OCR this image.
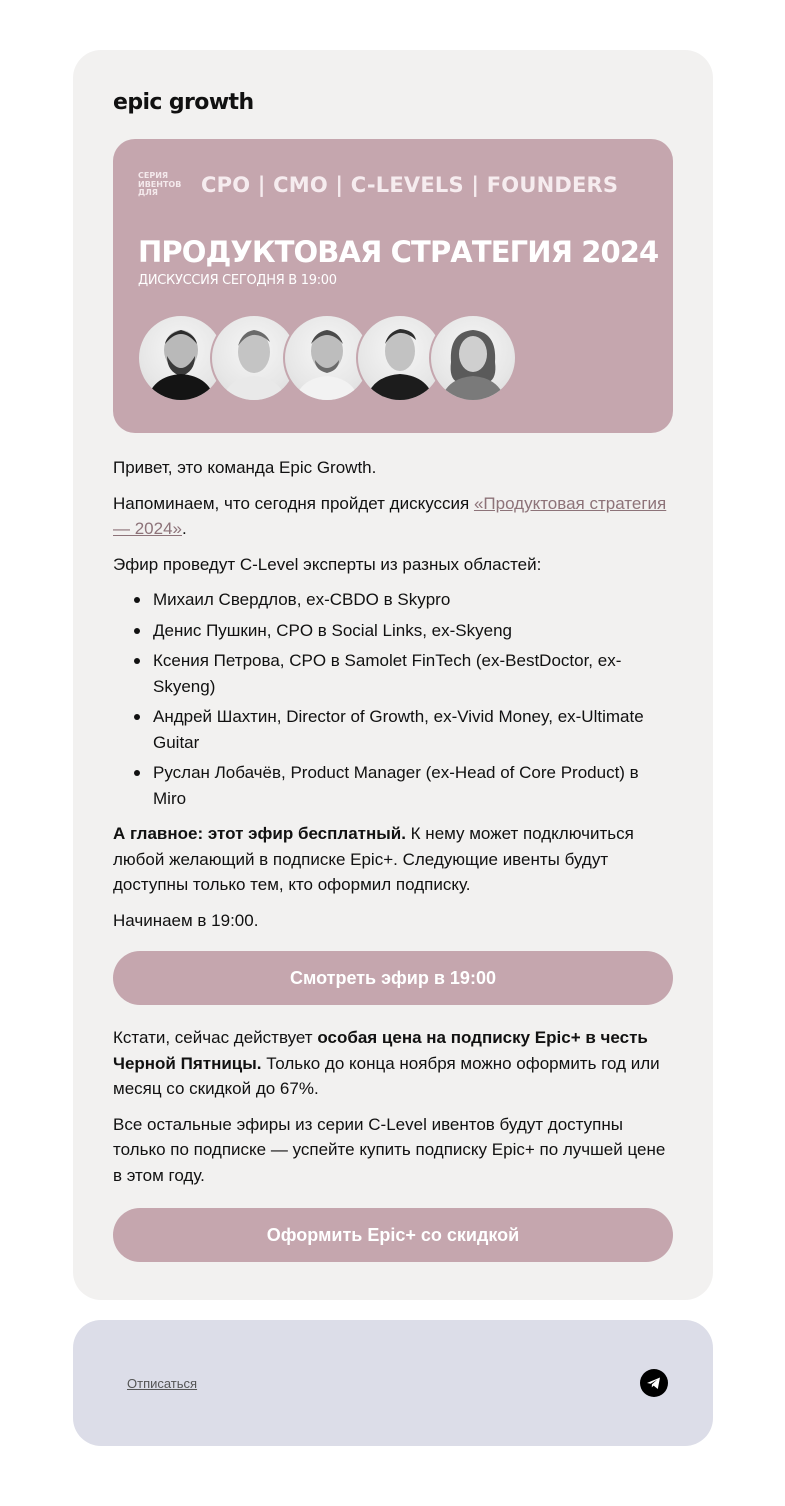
epic growth
СЕРИЯ ИВЕНТОВ ДЛЯ	CPO | CMO | C-LEVELS | FOUNDERS
ПРОДУКТОВАЯ СТРАТЕГИЯ 2024
ДИСКУССИЯ СЕГОДНЯ В 19:00

Привет, это команда Epic Growth.

Напоминаем, что сегодня пройдет дискуссия «Продуктовая стратегия — 2024».

Эфир проведут C-Level эксперты из разных областей:

Михаил Свердлов, ex-CBDO в Skypro
Денис Пушкин, CPO в Social Links, ex-Skyeng
Ксения Петрова, CPO в Samolet FinTech (ex-BestDoctor, ex-Skyeng)
Андрей Шахтин, Director of Growth, ex-Vivid Money, ex-Ultimate Guitar
Руслан Лобачёв, Product Manager (ex-Head of Core Product) в Miro

А главное: этот эфир бесплатный. К нему может подключиться любой желающий в подписке Epic+. Следующие ивенты будут доступны только тем, кто оформил подписку.

Начинаем в 19:00.

Смотреть эфир в 19:00

Кстати, сейчас действует особая цена на подписку Epic+ в честь Черной Пятницы. Только до конца ноября можно оформить год или месяц со скидкой до 67%.

Все остальные эфиры из серии C-Level ивентов будут доступны только по подписке — успейте купить подписку Epic+ по лучшей цене в этом году.

Оформить Epic+ со скидкой
Отписаться
